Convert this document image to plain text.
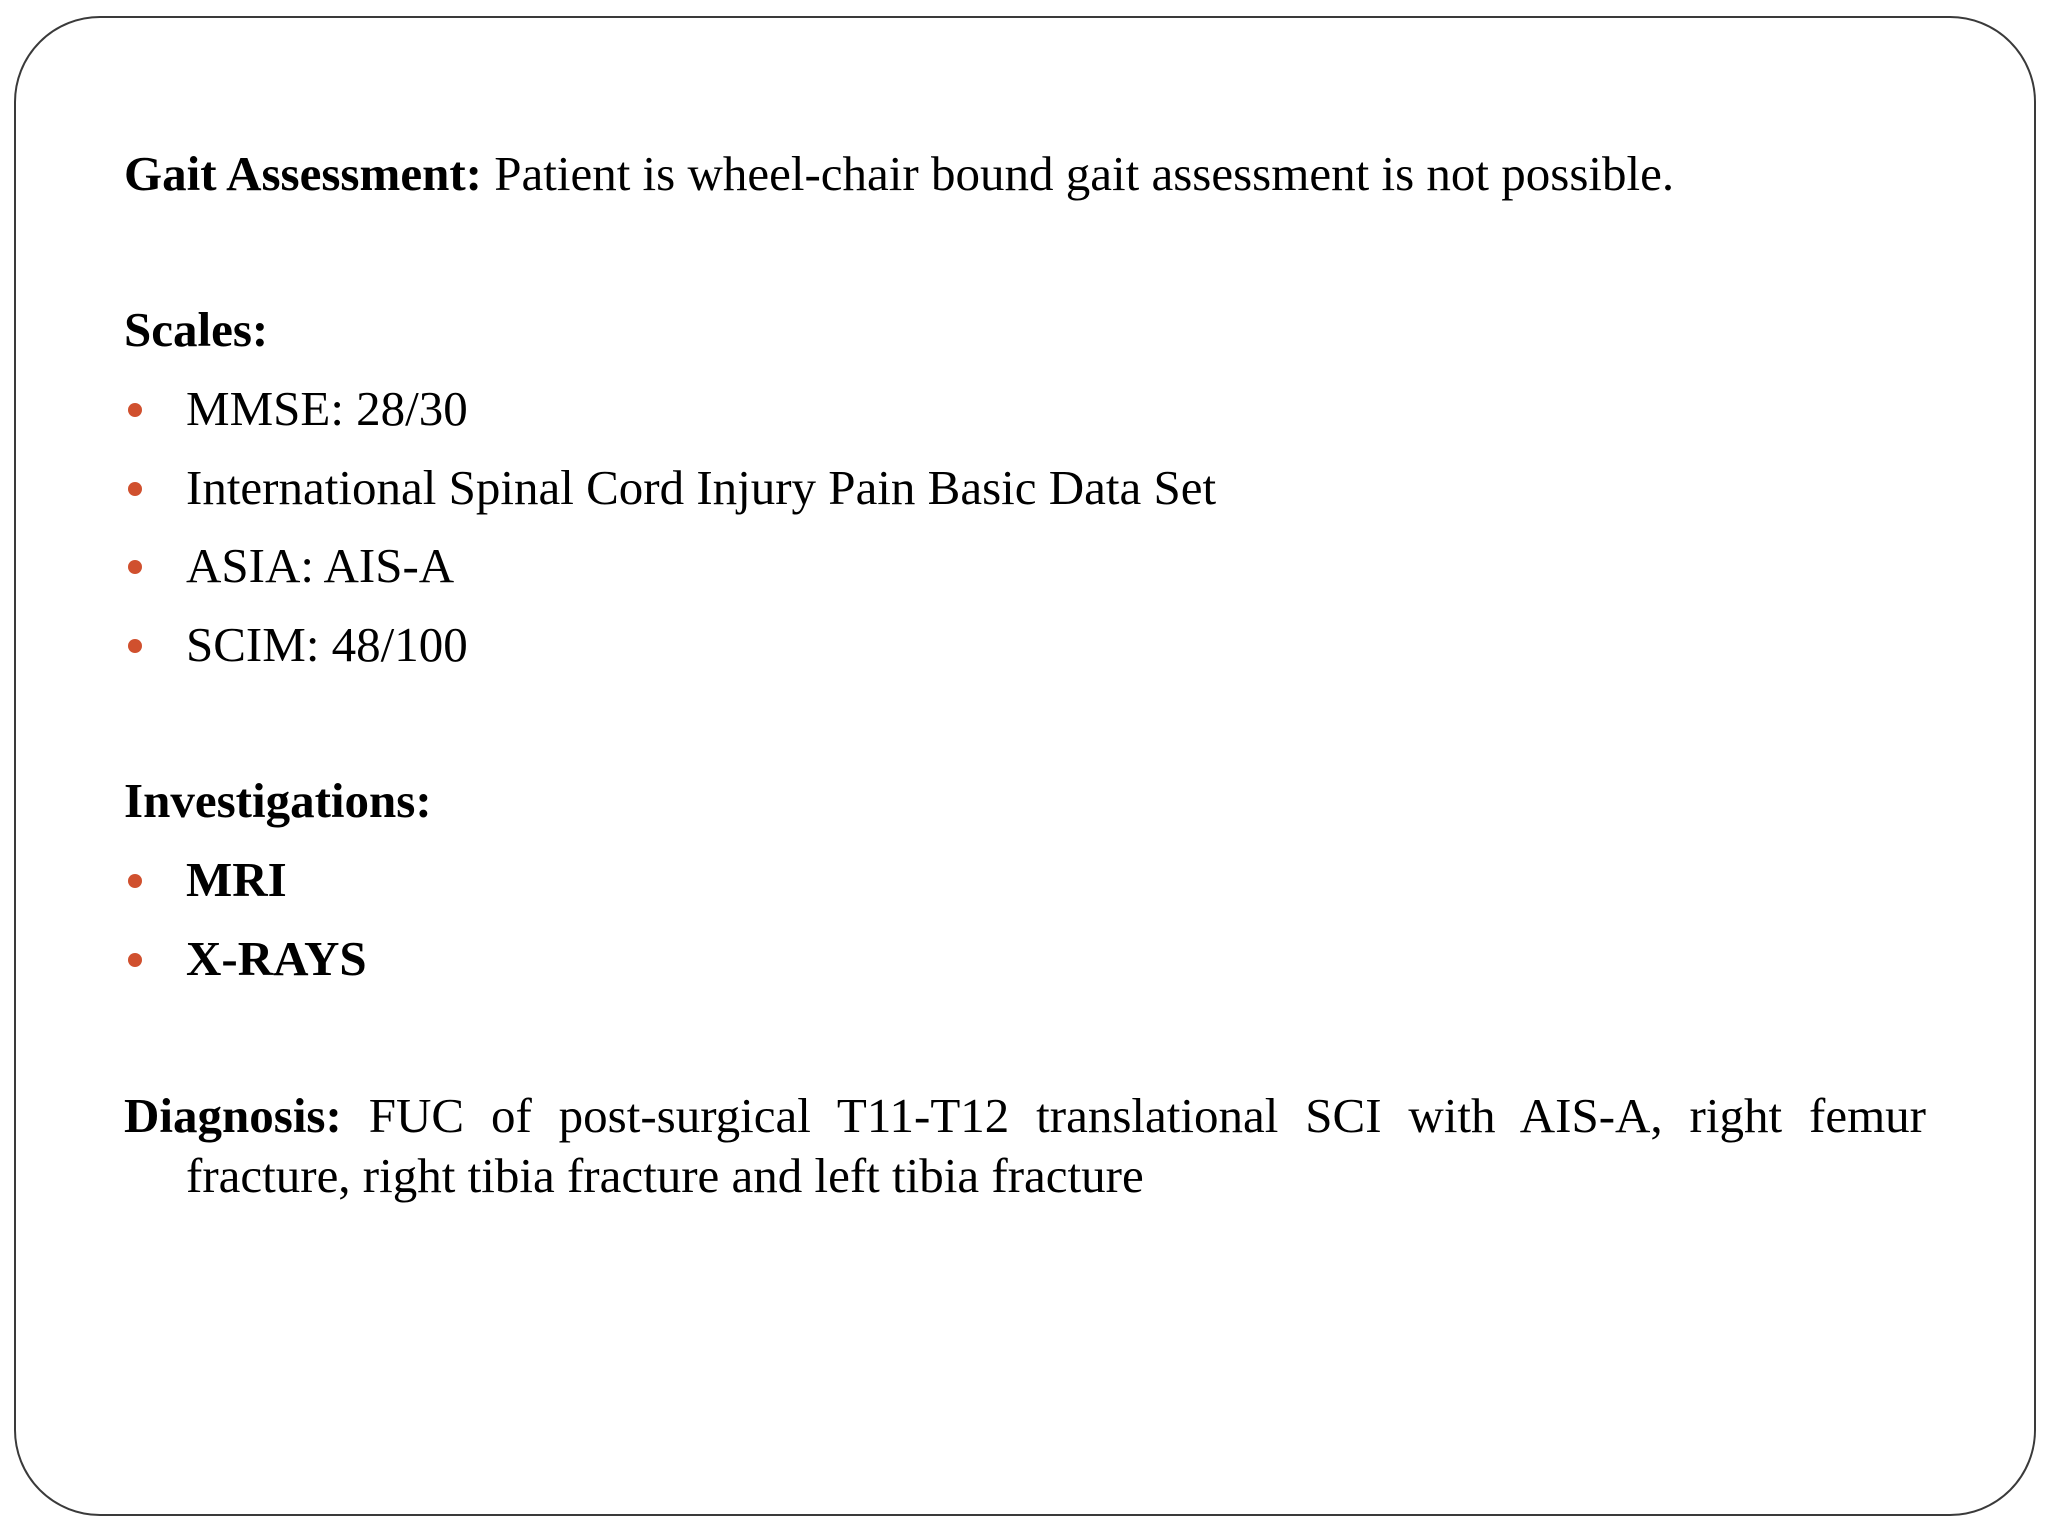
Gait Assessment: Patient is wheel-chair bound gait assessment is not possible.
Scales:
MMSE: 28/30
International Spinal Cord Injury Pain Basic Data Set
ASIA: AIS-A
SCIM: 48/100
Investigations:
MRI
X-RAYS
Diagnosis: FUC of post-surgical T11-T12 translational SCI with AIS-A, right femur fracture, right tibia fracture and left tibia fracture
